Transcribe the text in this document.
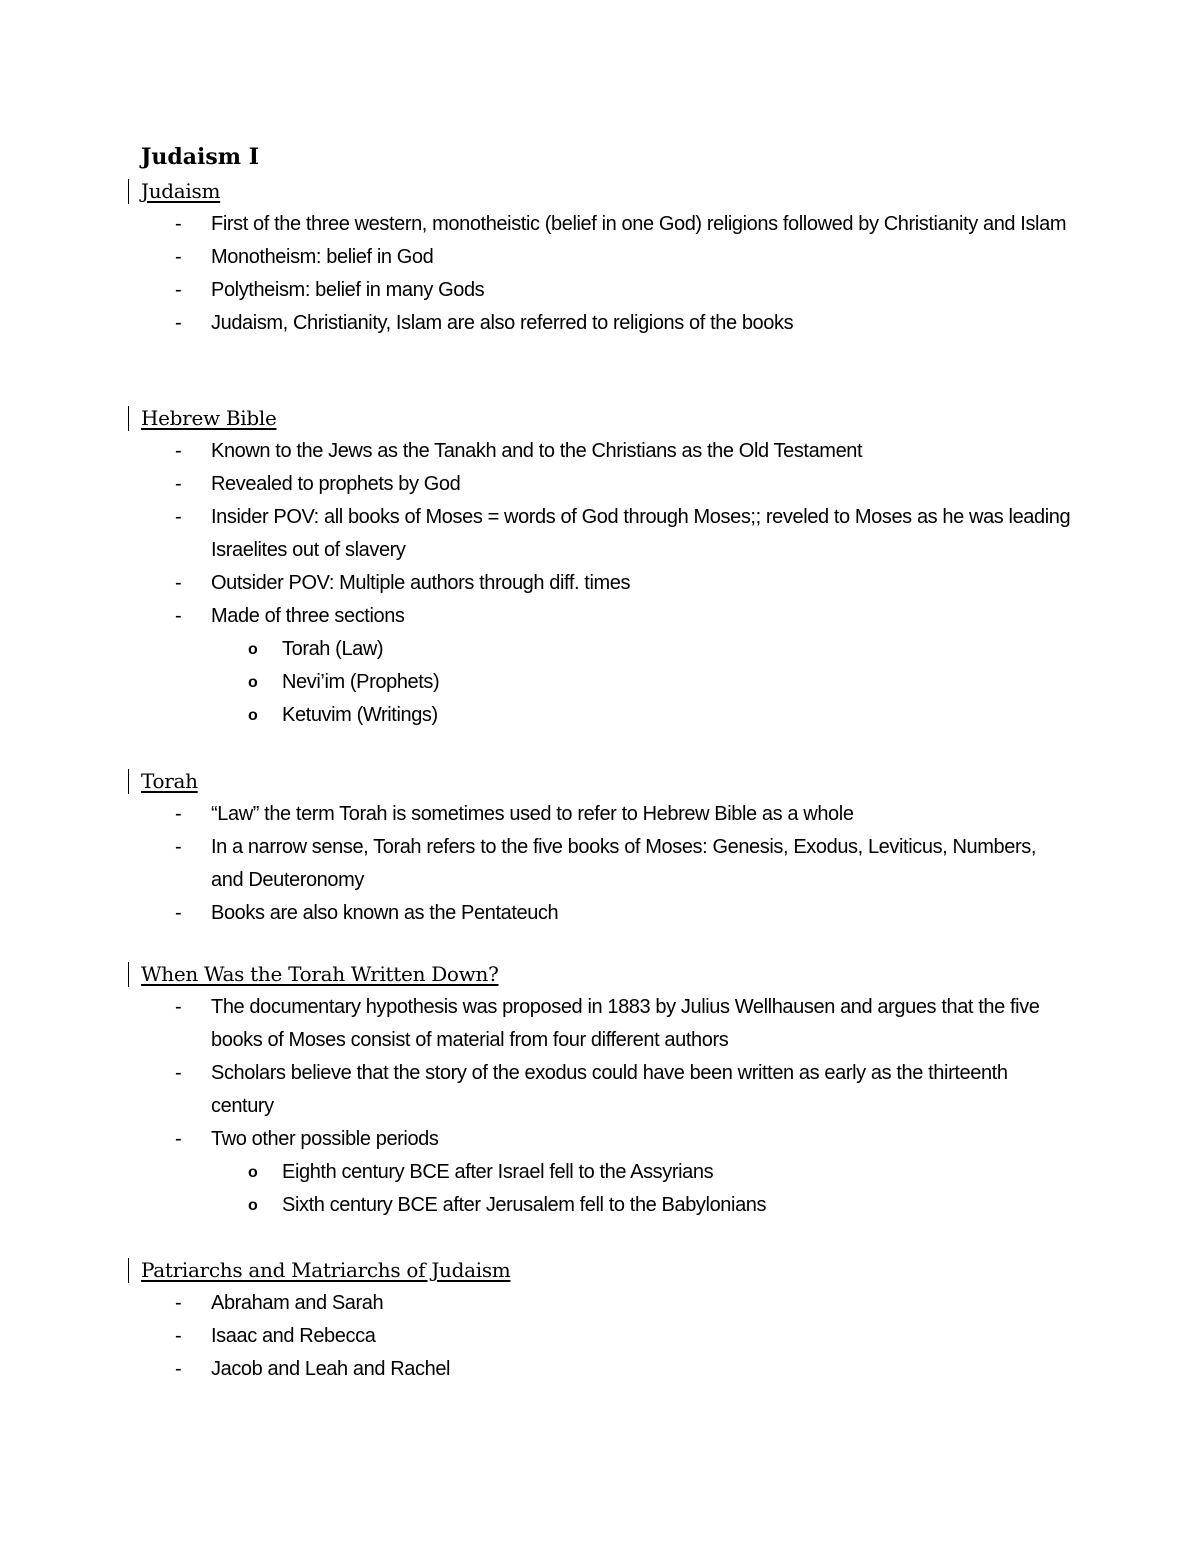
Judaism I
Judaism
- First of the three western, monotheistic (belief in one God) religions followed by Christianity and Islam
- Monotheism: belief in God
- Polytheism: belief in many Gods
- Judaism, Christianity, Islam are also referred to religions of the books
Hebrew Bible
- Known to the Jews as the Tanakh and to the Christians as the Old Testament
- Revealed to prophets by God
- Insider POV: all books of Moses = words of God through Moses;; reveled to Moses as he was leading Israelites out of slavery
- Outsider POV: Multiple authors through diff. times
- Made of three sections
o Torah (Law)
o Nevi’im (Prophets)
o Ketuvim (Writings)
Torah
- “Law” the term Torah is sometimes used to refer to Hebrew Bible as a whole
- In a narrow sense, Torah refers to the five books of Moses: Genesis, Exodus, Leviticus, Numbers, and Deuteronomy
- Books are also known as the Pentateuch
When Was the Torah Written Down?
- The documentary hypothesis was proposed in 1883 by Julius Wellhausen and argues that the five books of Moses consist of material from four different authors
- Scholars believe that the story of the exodus could have been written as early as the thirteenth century
- Two other possible periods
o Eighth century BCE after Israel fell to the Assyrians
o Sixth century BCE after Jerusalem fell to the Babylonians
Patriarchs and Matriarchs of Judaism
- Abraham and Sarah
- Isaac and Rebecca
- Jacob and Leah and Rachel
